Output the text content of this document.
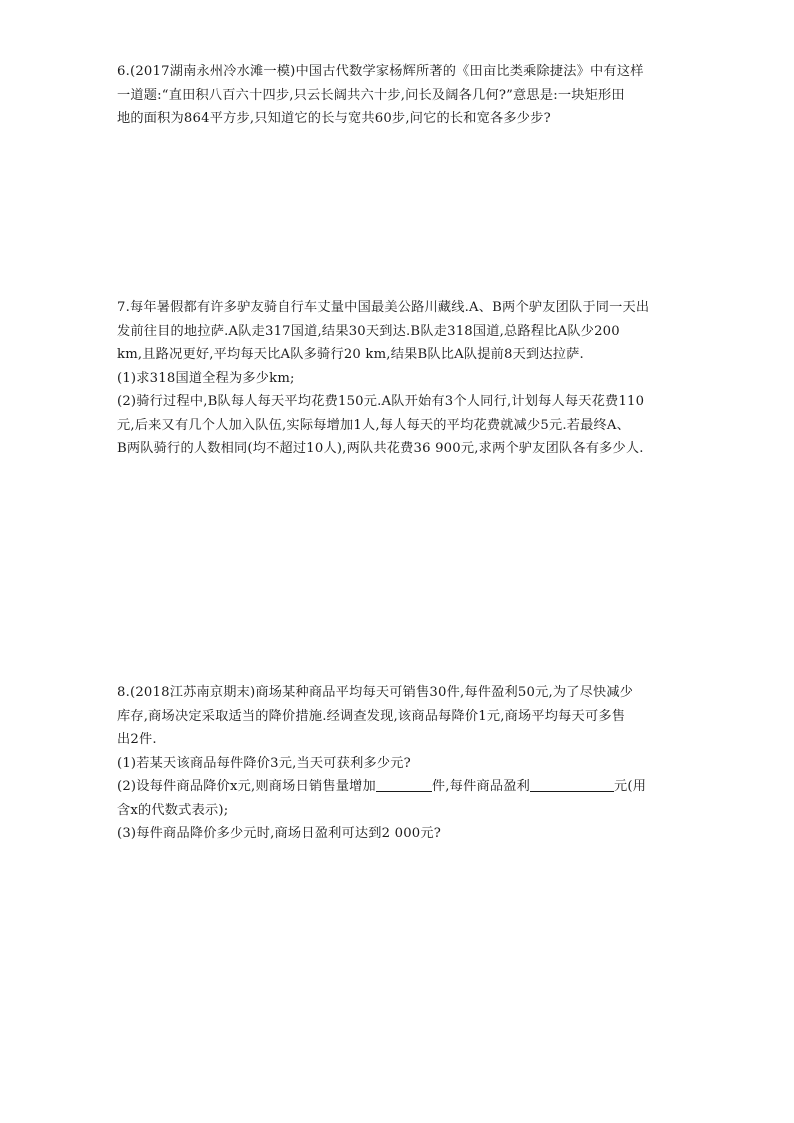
6.(2017湖南永州冷水滩一模)中国古代数学家杨辉所著的《田亩比类乘除捷法》中有这样
一道题:“直田积八百六十四步,只云长阔共六十步,问长及阔各几何?”意思是:一块矩形田
地的面积为864平方步,只知道它的长与宽共60步,问它的长和宽各多少步?
7.每年暑假都有许多驴友骑自行车丈量中国最美公路川藏线.A、B两个驴友团队于同一天出
发前往目的地拉萨.A队走317国道,结果30天到达.B队走318国道,总路程比A队少200
km,且路况更好,平均每天比A队多骑行20 km,结果B队比A队提前8天到达拉萨.
(1)求318国道全程为多少km;
(2)骑行过程中,B队每人每天平均花费150元.A队开始有3个人同行,计划每人每天花费110
元,后来又有几个人加入队伍,实际每增加1人,每人每天的平均花费就减少5元.若最终A、
B两队骑行的人数相同(均不超过10人),两队共花费36 900元,求两个驴友团队各有多少人.
8.(2018江苏南京期末)商场某种商品平均每天可销售30件,每件盈利50元,为了尽快减少
库存,商场决定采取适当的降价措施.经调查发现,该商品每降价1元,商场平均每天可多售
出2件.
(1)若某天该商品每件降价3元,当天可获利多少元?
(2)设每件商品降价x元,则商场日销售量增加	件,每件商品盈利	元(用
含x的代数式表示);
(3)每件商品降价多少元时,商场日盈利可达到2 000元?
